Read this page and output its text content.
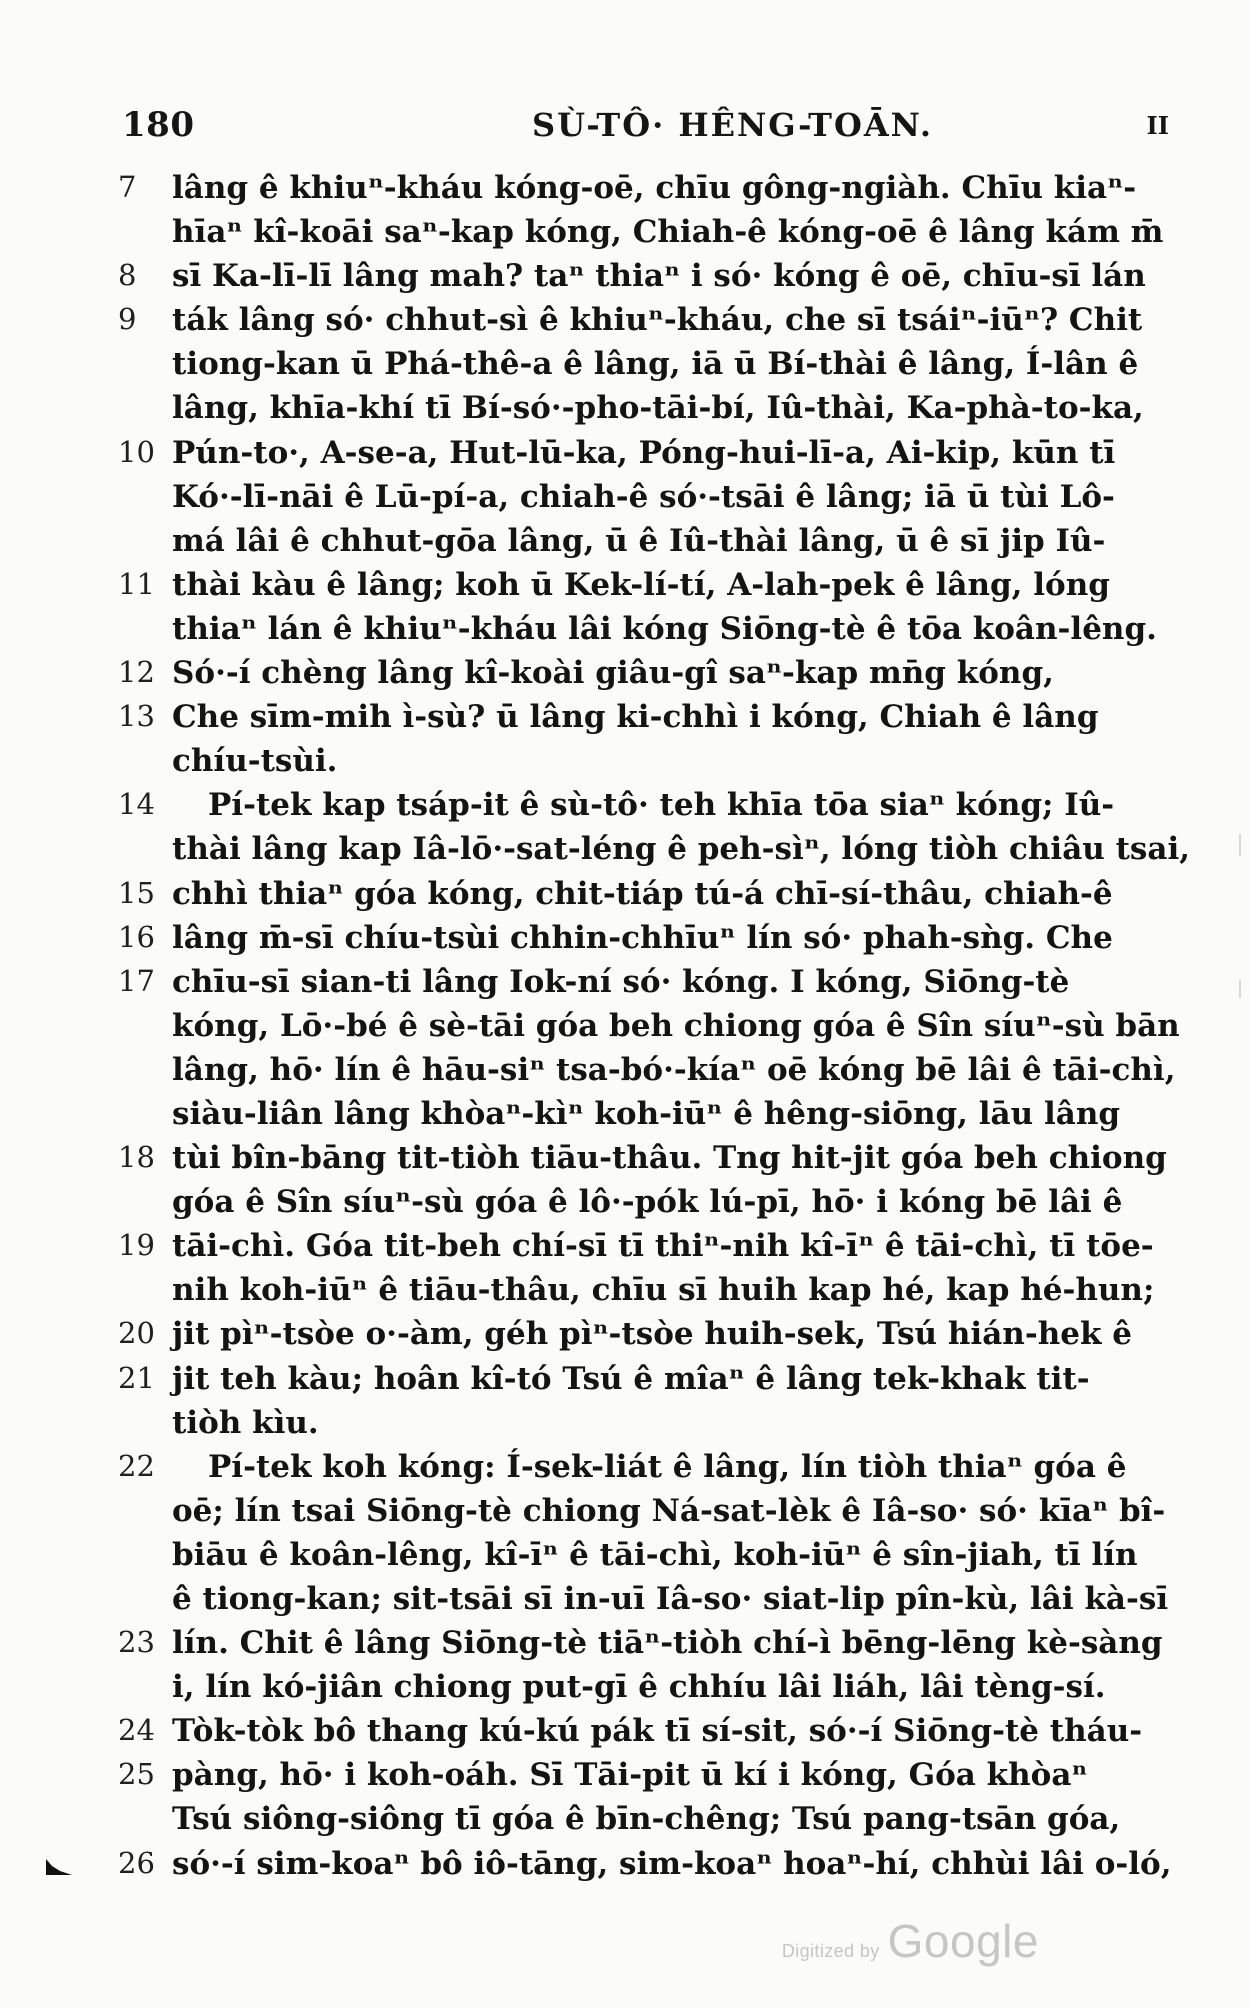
180	SÙ-TÔ· HÊNG-TOĀN.	II
7	lâng ê khiuⁿ-kháu kóng-oē, chīu gông-ngiàh. Chīu kiaⁿ-
hīaⁿ kî-koāi saⁿ-kap kóng, Chiah-ê kóng-oē ê lâng kám m̄
8	sī Ka-lī-lī lâng mah? taⁿ thiaⁿ i só· kóng ê oē, chīu-sī lán
9	ták lâng só· chhut-sì ê khiuⁿ-kháu, che sī tsáiⁿ-iūⁿ? Chit
tiong-kan ū Phá-thê-a ê lâng, iā ū Bí-thài ê lâng, Í-lân ê
lâng, khīa-khí tī Bí-só·-pho-tāi-bí, Iû-thài, Ka-phà-to-ka,
10 Pún-to·, A-se-a, Hut-lū-ka, Póng-hui-lī-a, Ai-kip, kūn tī
Kó·-lī-nāi ê Lū-pí-a, chiah-ê só·-tsāi ê lâng; iā ū tùi Lô-
má lâi ê chhut-gōa lâng, ū ê Iû-thài lâng, ū ê sī jip Iû-
11 thài kàu ê lâng; koh ū Kek-lí-tí, A-lah-pek ê lâng, lóng
thiaⁿ lán ê khiuⁿ-kháu lâi kóng Siōng-tè ê tōa koân-lêng.
12 Só·-í chèng lâng kî-koài giâu-gî saⁿ-kap mn̄g kóng,
13 Che sīm-mih ì-sù? ū lâng ki-chhì i kóng, Chiah ê lâng
chíu-tsùi.
14 Pí-tek kap tsáp-it ê sù-tô· teh khīa tōa siaⁿ kóng; Iû-
thài lâng kap Iâ-lō·-sat-léng ê peh-sìⁿ, lóng tiòh chiâu tsai,
15 chhì thiaⁿ góa kóng, chit-tiáp tú-á chī-sí-thâu, chiah-ê
16 lâng m̄-sī chíu-tsùi chhin-chhīuⁿ lín só· phah-sǹg. Che
17 chīu-sī sian-ti lâng Iok-ní só· kóng. I kóng, Siōng-tè
kóng, Lō·-bé ê sè-tāi góa beh chiong góa ê Sîn síuⁿ-sù bān
lâng, hō· lín ê hāu-siⁿ tsa-bó·-kíaⁿ oē kóng bē lâi ê tāi-chì,
siàu-liân lâng khòaⁿ-kìⁿ koh-iūⁿ ê hêng-siōng, lāu lâng
18 tùi bîn-bāng tit-tiòh tiāu-thâu. Tng hit-jit góa beh chiong
góa ê Sîn síuⁿ-sù góa ê lô·-pók lú-pī, hō· i kóng bē lâi ê
19 tāi-chì. Góa tit-beh chí-sī tī thiⁿ-nih kî-īⁿ ê tāi-chì, tī tōe-
nih koh-iūⁿ ê tiāu-thâu, chīu sī huih kap hé, kap hé-hun;
20 jit pìⁿ-tsòe o·-àm, géh pìⁿ-tsòe huih-sek, Tsú hián-hek ê
21 jit teh kàu; hoân kî-tó Tsú ê mîaⁿ ê lâng tek-khak tit-
tiòh kìu.
22 Pí-tek koh kóng: Í-sek-liát ê lâng, lín tiòh thiaⁿ góa ê
oē; lín tsai Siōng-tè chiong Ná-sat-lèk ê Iâ-so· só· kīaⁿ bî-
biāu ê koân-lêng, kî-īⁿ ê tāi-chì, koh-iūⁿ ê sîn-jiah, tī lín
ê tiong-kan; sit-tsāi sī in-uī Iâ-so· siat-lip pîn-kù, lâi kà-sī
23 lín. Chit ê lâng Siōng-tè tiāⁿ-tiòh chí-ì bēng-lēng kè-sàng
i, lín kó-jiân chiong put-gī ê chhíu lâi liáh, lâi tèng-sí.
24 Tòk-tòk bô thang kú-kú pák tī sí-sit, só·-í Siōng-tè tháu-
25 pàng, hō· i koh-oáh. Sī Tāi-pit ū kí i kóng, Góa khòaⁿ
Tsú siông-siông tī góa ê bīn-chêng; Tsú pang-tsān góa,
26 só·-í sim-koaⁿ bô iô-tāng, sim-koaⁿ hoaⁿ-hí, chhùi lâi o-ló,
Digitized by Google
